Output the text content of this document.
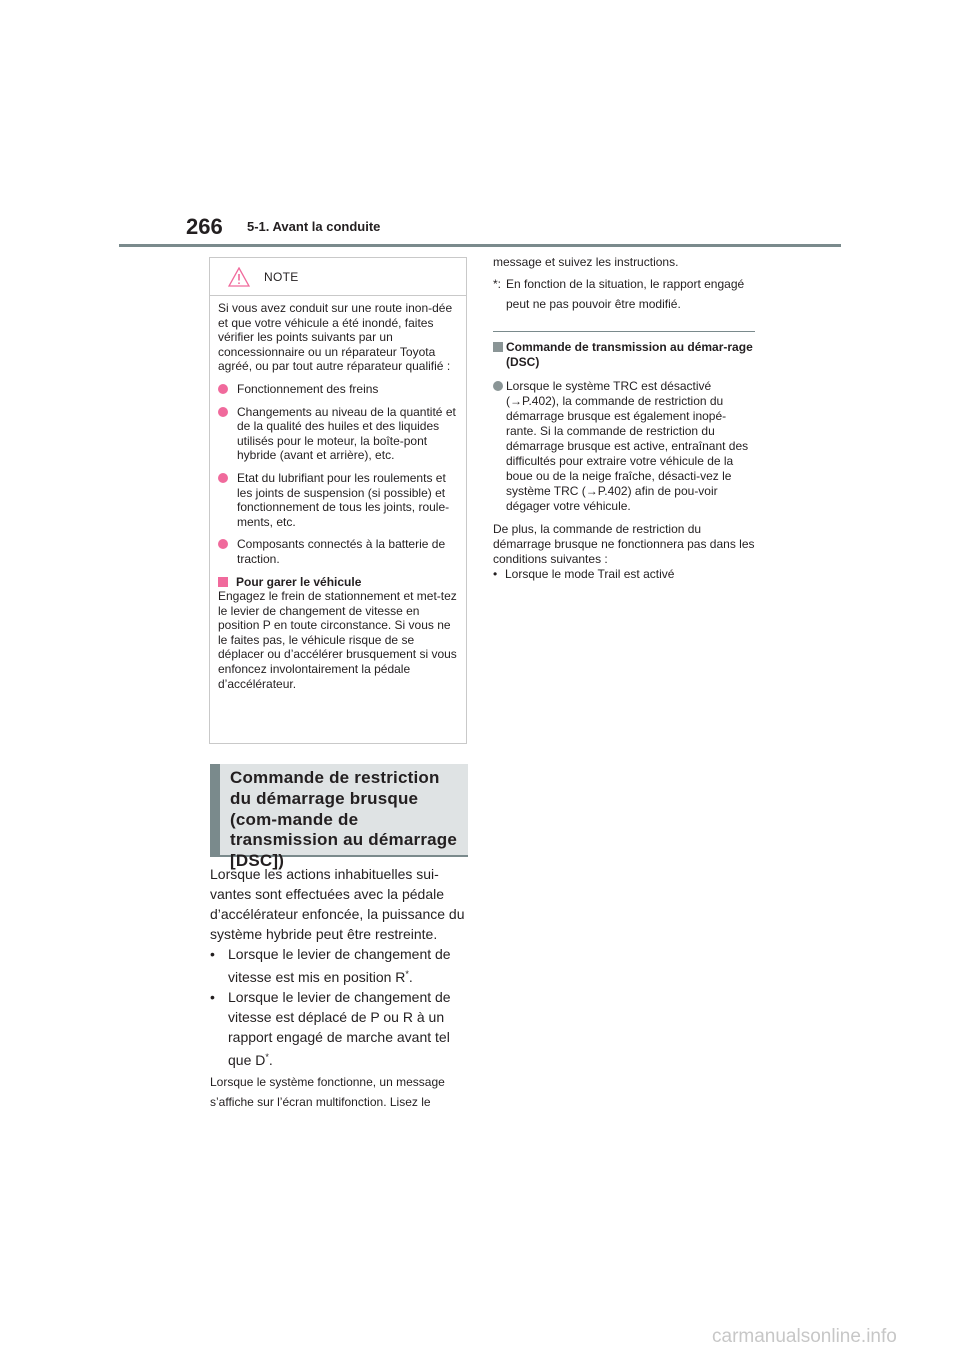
266 5-1. Avant la conduite
NOTE

Si vous avez conduit sur une route inon-dée et que votre véhicule a été inondé, faites vérifier les points suivants par un concessionnaire ou un réparateur Toyota agréé, ou par tout autre réparateur qualifié :

Fonctionnement des freins
Changements au niveau de la quantité et de la qualité des huiles et des liquides utilisés pour le moteur, la boîte-pont hybride (avant et arrière), etc.
Etat du lubrifiant pour les roulements et les joints de suspension (si possible) et fonctionnement de tous les joints, roule-ments, etc.
Composants connectés à la batterie de traction.
Pour garer le véhicule

Engagez le frein de stationnement et met-tez le levier de changement de vitesse en position P en toute circonstance. Si vous ne le faites pas, le véhicule risque de se déplacer ou d’accélérer brusquement si vous enfoncez involontairement la pédale d’accélérateur.

Commande de restriction du démarrage brusque (com-mande de transmission au démarrage [DSC])

Lorsque les actions inhabituelles sui-vantes sont effectuées avec la pédale d’accélérateur enfoncée, la puissance du système hybride peut être restreinte.

• Lorsque le levier de changement de vitesse est mis en position R*.
• Lorsque le levier de changement de vitesse est déplacé de P ou R à un rapport engagé de marche avant tel que D*.

Lorsque le système fonctionne, un message s’affiche sur l’écran multifonction. Lisez le

message et suivez les instructions.

*: En fonction de la situation, le rapport engagé peut ne pas pouvoir être modifié.
Commande de transmission au démar-rage (DSC)
Lorsque le système TRC est désactivé (→P.402), la commande de restriction du démarrage brusque est également inopé-rante. Si la commande de restriction du démarrage brusque est active, entraînant des difficultés pour extraire votre véhicule de la boue ou de la neige fraîche, désacti-vez le système TRC (→P.402) afin de pou-voir dégager votre véhicule.

De plus, la commande de restriction du démarrage brusque ne fonctionnera pas dans les conditions suivantes :

• Lorsque le mode Trail est activé
carmanualsonline.info
